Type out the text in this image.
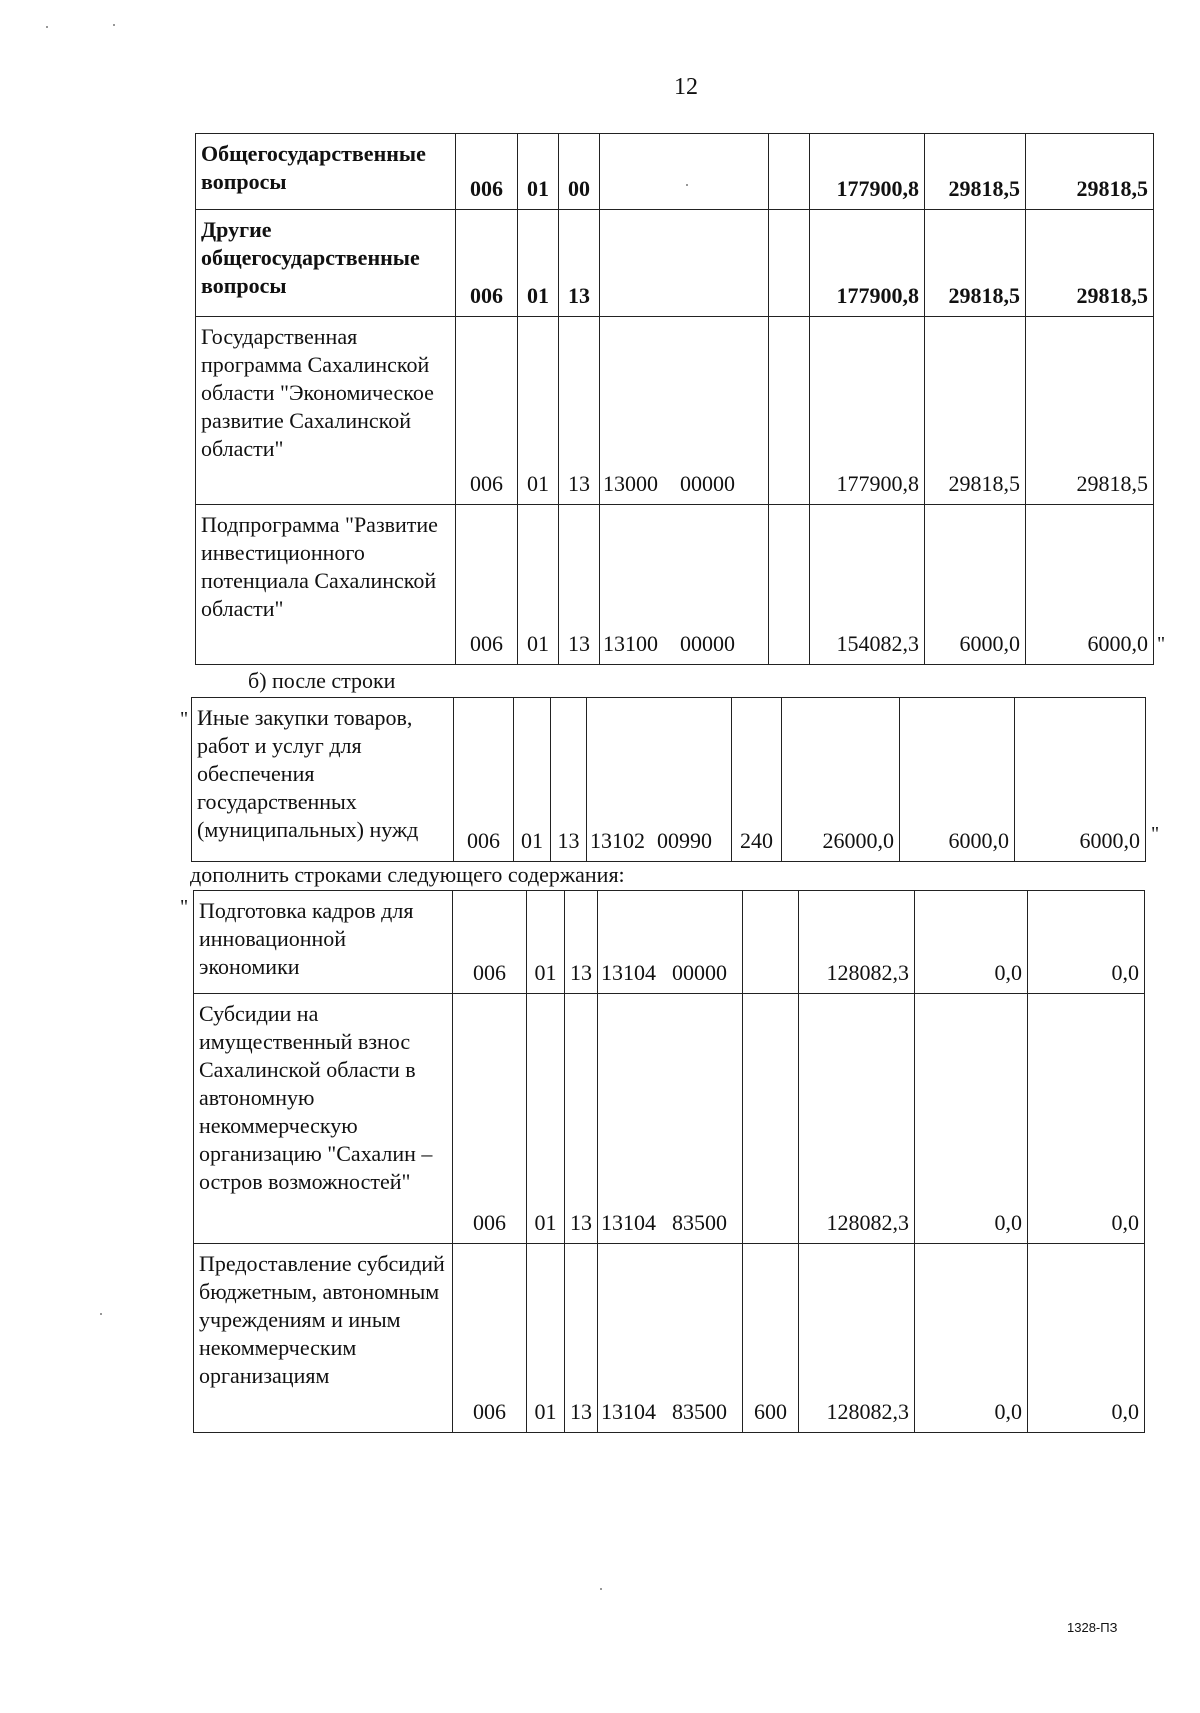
12
Общегосударственные вопросы	006	01	00			177900,8	29818,5	29818,5
Другие общегосударственные вопросы	006	01	13			177900,8	29818,5	29818,5
Государственная программа Сахалинской области "Экономическое развитие Сахалинской области"	006	01	13	13000 00000		177900,8	29818,5	29818,5
Подпрограмма "Развитие инвестиционного потенциала Сахалинской области"	006	01	13	13100 00000		154082,3	6000,0	6000,0 "
б) после строки
" Иные закупки товаров, работ и услуг для обеспечения государственных (муниципальных) нужд	006	01	13	13102 00990	240	26000,0	6000,0	6000,0 "
дополнить строками следующего содержания:
" Подготовка кадров для инновационной экономики	006	01	13	13104 00000		128082,3	0,0	0,0
Субсидии на имущественный взнос Сахалинской области в автономную некоммерческую организацию "Сахалин – остров возможностей"	006	01	13	13104 83500		128082,3	0,0	0,0
Предоставление субсидий бюджетным, автономным учреждениям и иным некоммерческим организациям	006	01	13	13104 83500	600	128082,3	0,0	0,0
1328-ПЗ
